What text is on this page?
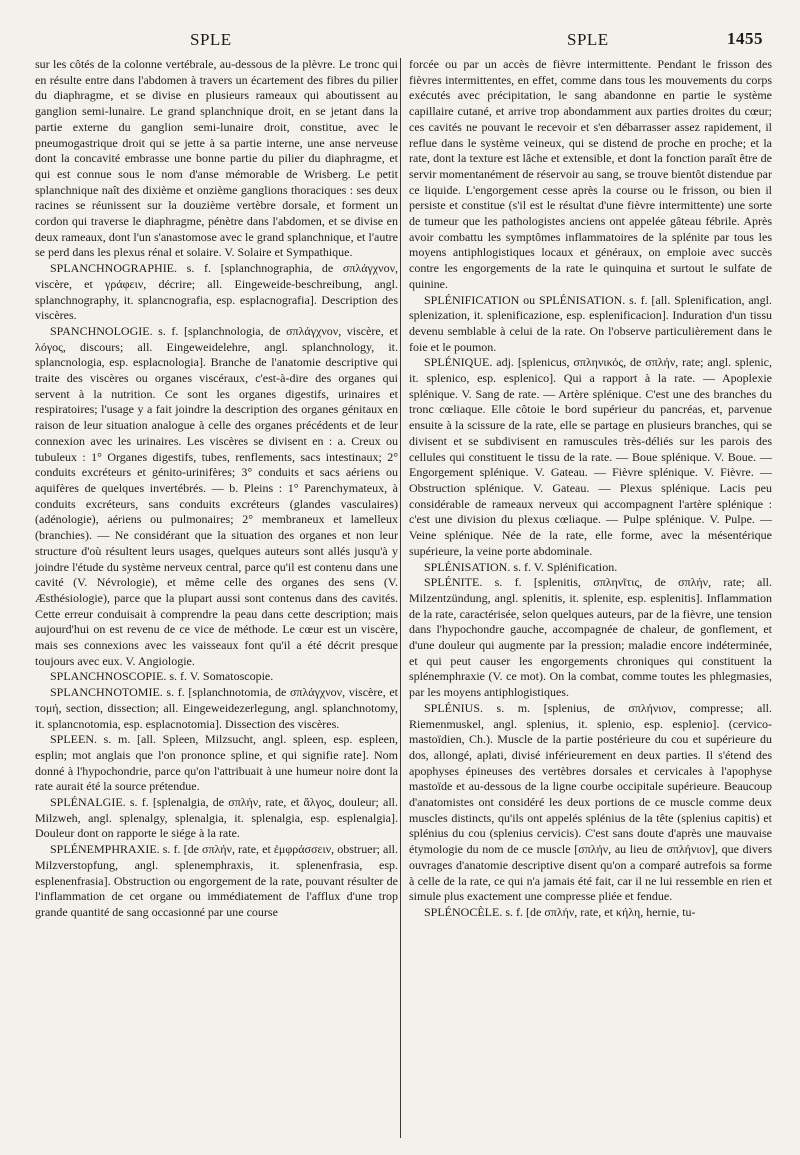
SPLE	SPLE	1455

sur les côtés de la colonne vertébrale, au-dessous de la plèvre. Le tronc qui en résulte entre dans l'abdomen à travers un écartement des fibres du pilier du diaphragme, et se divise en plusieurs rameaux qui aboutissent au ganglion semi-lunaire. Le grand splanchnique droit, en se jetant dans la partie externe du ganglion semi-lunaire droit, constitue, avec le pneumogastrique droit qui se jette à sa partie interne, une anse nerveuse dont la concavité embrasse une bonne partie du pilier du diaphragme, et qui est connue sous le nom d'anse mémorable de Wrisberg. Le petit splanchnique naît des dixième et onzième ganglions thoraciques : ses deux racines se réunissent sur la douzième vertèbre dorsale, et forment un cordon qui traverse le diaphragme, pénètre dans l'abdomen, et se divise en deux rameaux, dont l'un s'anastomose avec le grand splanchnique, et l'autre se perd dans les plexus rénal et solaire. V. Solaire et Sympathique.

SPLANCHNOGRAPHIE. s. f. [splanchnographia, de σπλάγχνον, viscère, et γράφειν, décrire; all. Eingeweide-beschreibung, angl. splanchnography, it. splancnografia, esp. esplacnografia]. Description des viscères.

SPANCHNOLOGIE. s. f. [splanchnologia, de σπλάγχνον, viscère, et λόγος, discours; all. Eingeweidelehre, angl. splanchnology, it. splancnologia, esp. esplacnologia]. Branche de l'anatomie descriptive qui traite des viscères ou organes viscéraux, c'est-à-dire des organes qui servent à la nutrition. Ce sont les organes digestifs, urinaires et respiratoires; l'usage y a fait joindre la description des organes génitaux en raison de leur situation analogue à celle des organes précédents et de leur connexion avec les urinaires. Les viscères se divisent en : a. Creux ou tubuleux : 1° Organes digestifs, tubes, renflements, sacs intestinaux; 2° conduits excréteurs et génito-urinifères; 3° conduits et sacs aériens ou aquifères de quelques invertébrés. — b. Pleins : 1° Parenchymateux, à conduits excréteurs, sans conduits excréteurs (glandes vasculaires) (adénologie), aériens ou pulmonaires; 2° membraneux et lamelleux (branchies). — Ne considérant que la situation des organes et non leur structure d'où résultent leurs usages, quelques auteurs sont allés jusqu'à y joindre l'étude du système nerveux central, parce qu'il est contenu dans une cavité (V. Névrologie), et même celle des organes des sens (V. Æsthésiologie), parce que la plupart aussi sont contenus dans des cavités. Cette erreur conduisait à comprendre la peau dans cette description; mais aujourd'hui on est revenu de ce vice de méthode. Le cœur est un viscère, mais ses connexions avec les vaisseaux font qu'il a été décrit presque toujours avec eux. V. Angiologie.

SPLANCHNOSCOPIE. s. f. V. Somatoscopie.

SPLANCHNOTOMIE. s. f. [splanchnotomia, de σπλάγχνον, viscère, et τομή, section, dissection; all. Eingeweidezerlegung, angl. splanchnotomy, it. splancnotomia, esp. esplacnotomia]. Dissection des viscères.

SPLEEN. s. m. [all. Spleen, Milzsucht, angl. spleen, esp. espleen, esplin; mot anglais que l'on prononce spline, et qui signifie rate]. Nom donné à l'hypochondrie, parce qu'on l'attribuait à une humeur noire dont la rate aurait été la source prétendue.

SPLÉNALGIE. s. f. [splenalgia, de σπλήν, rate, et ἄλγος, douleur; all. Milzweh, angl. splenalgy, splenalgia, it. splenalgia, esp. esplenalgia]. Douleur dont on rapporte le siége à la rate.

SPLÉNEMPHRAXIE. s. f. [de σπλήν, rate, et ἐμφράσσειν, obstruer; all. Milzverstopfung, angl. splenemphraxis, it. splenenfrasia, esp. esplenenfrasia]. Obstruction ou engorgement de la rate, pouvant résulter de l'inflammation de cet organe ou immédiatement de l'afflux d'une trop grande quantité de sang occasionné par une course

forcée ou par un accès de fièvre intermittente. Pendant le frisson des fièvres intermittentes, en effet, comme dans tous les mouvements du corps exécutés avec précipitation, le sang abandonne en partie le système capillaire cutané, et arrive trop abondamment aux parties droites du cœur; ces cavités ne pouvant le recevoir et s'en débarrasser assez rapidement, il reflue dans le système veineux, qui se distend de proche en proche; et la rate, dont la texture est lâche et extensible, et dont la fonction paraît être de servir momentanément de réservoir au sang, se trouve bientôt distendue par ce liquide. L'engorgement cesse après la course ou le frisson, ou bien il persiste et constitue (s'il est le résultat d'une fièvre intermittente) une sorte de tumeur que les pathologistes anciens ont appelée gâteau fébrile. Après avoir combattu les symptômes inflammatoires de la splénite par tous les moyens antiphlogistiques locaux et généraux, on emploie avec succès contre les engorgements de la rate le quinquina et surtout le sulfate de quinine.

SPLÉNIFICATION ou SPLÉNISATION. s. f. [all. Splenification, angl. splenization, it. splenificazione, esp. esplenificacion]. Induration d'un tissu devenu semblable à celui de la rate. On l'observe particulièrement dans le foie et le poumon.

SPLÉNIQUE. adj. [splenicus, σπληνικός, de σπλήν, rate; angl. splenic, it. splenico, esp. esplenico]. Qui a rapport à la rate. — Apoplexie splénique. V. Sang de rate. — Artère splénique. C'est une des branches du tronc cœliaque. Elle côtoie le bord supérieur du pancréas, et, parvenue ensuite à la scissure de la rate, elle se partage en plusieurs branches, qui se divisent et se subdivisent en ramuscules très-déliés sur les parois des cellules qui constituent le tissu de la rate. — Boue splénique. V. Boue. — Engorgement splénique. V. Gateau. — Fièvre splénique. V. Fièvre. — Obstruction splénique. V. Gateau. — Plexus splénique. Lacis peu considérable de rameaux nerveux qui accompagnent l'artère splénique : c'est une division du plexus cœliaque. — Pulpe splénique. V. Pulpe. — Veine splénique. Née de la rate, elle forme, avec la mésentérique supérieure, la veine porte abdominale.

SPLÉNISATION. s. f. V. Splénification.

SPLÉNITE. s. f. [splenitis, σπληνῖτις, de σπλήν, rate; all. Milzentzündung, angl. splenitis, it. splenite, esp. esplenitis]. Inflammation de la rate, caractérisée, selon quelques auteurs, par de la fièvre, une tension dans l'hypochondre gauche, accompagnée de chaleur, de gonflement, et d'une douleur qui augmente par la pression; maladie encore indéterminée, et qui peut causer les engorgements chroniques qui constituent la splénemphraxie (V. ce mot). On la combat, comme toutes les phlegmasies, par les moyens antiphlogistiques.

SPLÉNIUS. s. m. [splenius, de σπλήνιον, compresse; all. Riemenmuskel, angl. splenius, it. splenio, esp. esplenio]. (cervico-mastoïdien, Ch.). Muscle de la partie postérieure du cou et supérieure du dos, allongé, aplati, divisé inférieurement en deux parties. Il s'étend des apophyses épineuses des vertèbres dorsales et cervicales à l'apophyse mastoïde et au-dessous de la ligne courbe occipitale supérieure. Beaucoup d'anatomistes ont considéré les deux portions de ce muscle comme deux muscles distincts, qu'ils ont appelés splénius de la tête (splenius capitis) et splénius du cou (splenius cervicis). C'est sans doute d'après une mauvaise étymologie du nom de ce muscle [σπλήν, au lieu de σπλήνιον], que divers ouvrages d'anatomie descriptive disent qu'on a comparé autrefois sa forme à celle de la rate, ce qui n'a jamais été fait, car il ne lui ressemble en rien et simule plus exactement une compresse pliée et fendue.

SPLÉNOCÈLE. s. f. [de σπλήν, rate, et κήλη, hernie, tu-
